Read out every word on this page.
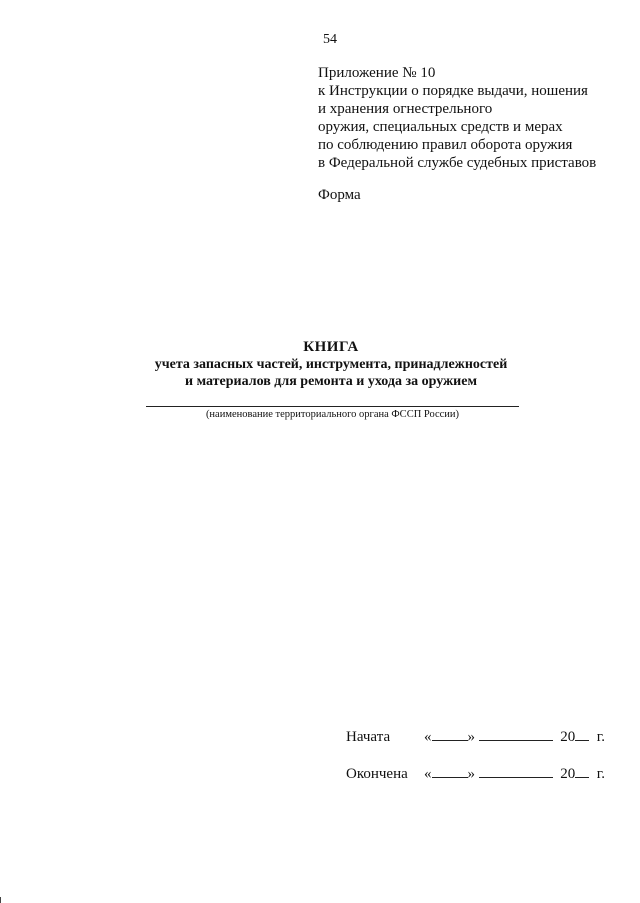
54
Приложение № 10
к Инструкции о порядке выдачи, ношения
и хранения огнестрельного
оружия, специальных средств и мерах
по соблюдению правил оборота оружия
в Федеральной службе судебных приставов
Форма
КНИГА
учета запасных частей, инструмента, принадлежностей
и материалов для ремонта и ухода за оружием
(наименование территориального органа ФССП России)
Начата « »	20 г.
Окончена « »	20 г.
